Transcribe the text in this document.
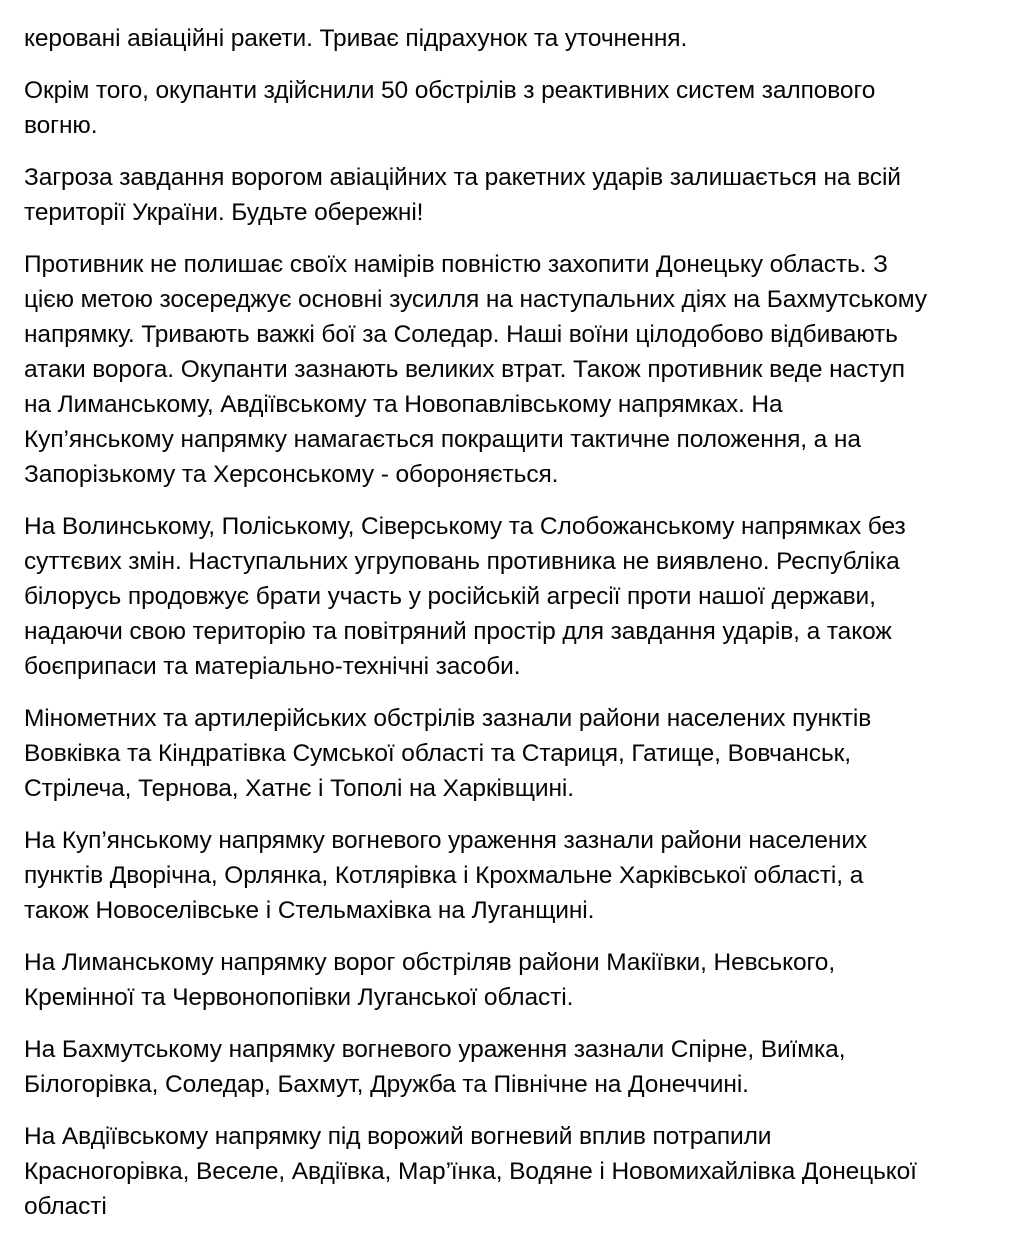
керовані авіаційні ракети. Триває підрахунок та уточнення.

Окрім того, окупанти здійснили 50 обстрілів з реактивних систем залпового
вогню.

Загроза завдання ворогом авіаційних та ракетних ударів залишається на всій
території України. Будьте обережні!

Противник не полишає своїх намірів повністю захопити Донецьку область. З
цією метою зосереджує основні зусилля на наступальних діях на Бахмутському
напрямку. Тривають важкі бої за Соледар. Наші воїни цілодобово відбивають
атаки ворога. Окупанти зазнають великих втрат. Також противник веде наступ
на Лиманському, Авдіївському та Новопавлівському напрямках. На
Куп’янському напрямку намагається покращити тактичне положення, а на
Запорізькому та Херсонському - обороняється.

На Волинському, Поліському, Сіверському та Слобожанському напрямках без
суттєвих змін. Наступальних угруповань противника не виявлено. Республіка
білорусь продовжує брати участь у російській агресії проти нашої держави,
надаючи свою територію та повітряний простір для завдання ударів, а також
боєприпаси та матеріально-технічні засоби.

Мінометних та артилерійських обстрілів зазнали райони населених пунктів
Вовківка та Кіндратівка Сумської області та Стариця, Гатище, Вовчанськ,
Стрілеча, Тернова, Хатнє і Тополі на Харківщині.

На Куп’янському напрямку вогневого ураження зазнали райони населених
пунктів Дворічна, Орлянка, Котлярівка і Крохмальне Харківської області, а
також Новоселівське і Стельмахівка на Луганщині.

На Лиманському напрямку ворог обстріляв райони Макіївки, Невського,
Кремінної та Червонопопівки Луганської області.

На Бахмутському напрямку вогневого ураження зазнали Спірне, Виїмка,
Білогорівка, Соледар, Бахмут, Дружба та Північне на Донеччині.

На Авдіївському напрямку під ворожий вогневий вплив потрапили
Красногорівка, Веселе, Авдіївка, Мар’їнка, Водяне і Новомихайлівка Донецької
області
